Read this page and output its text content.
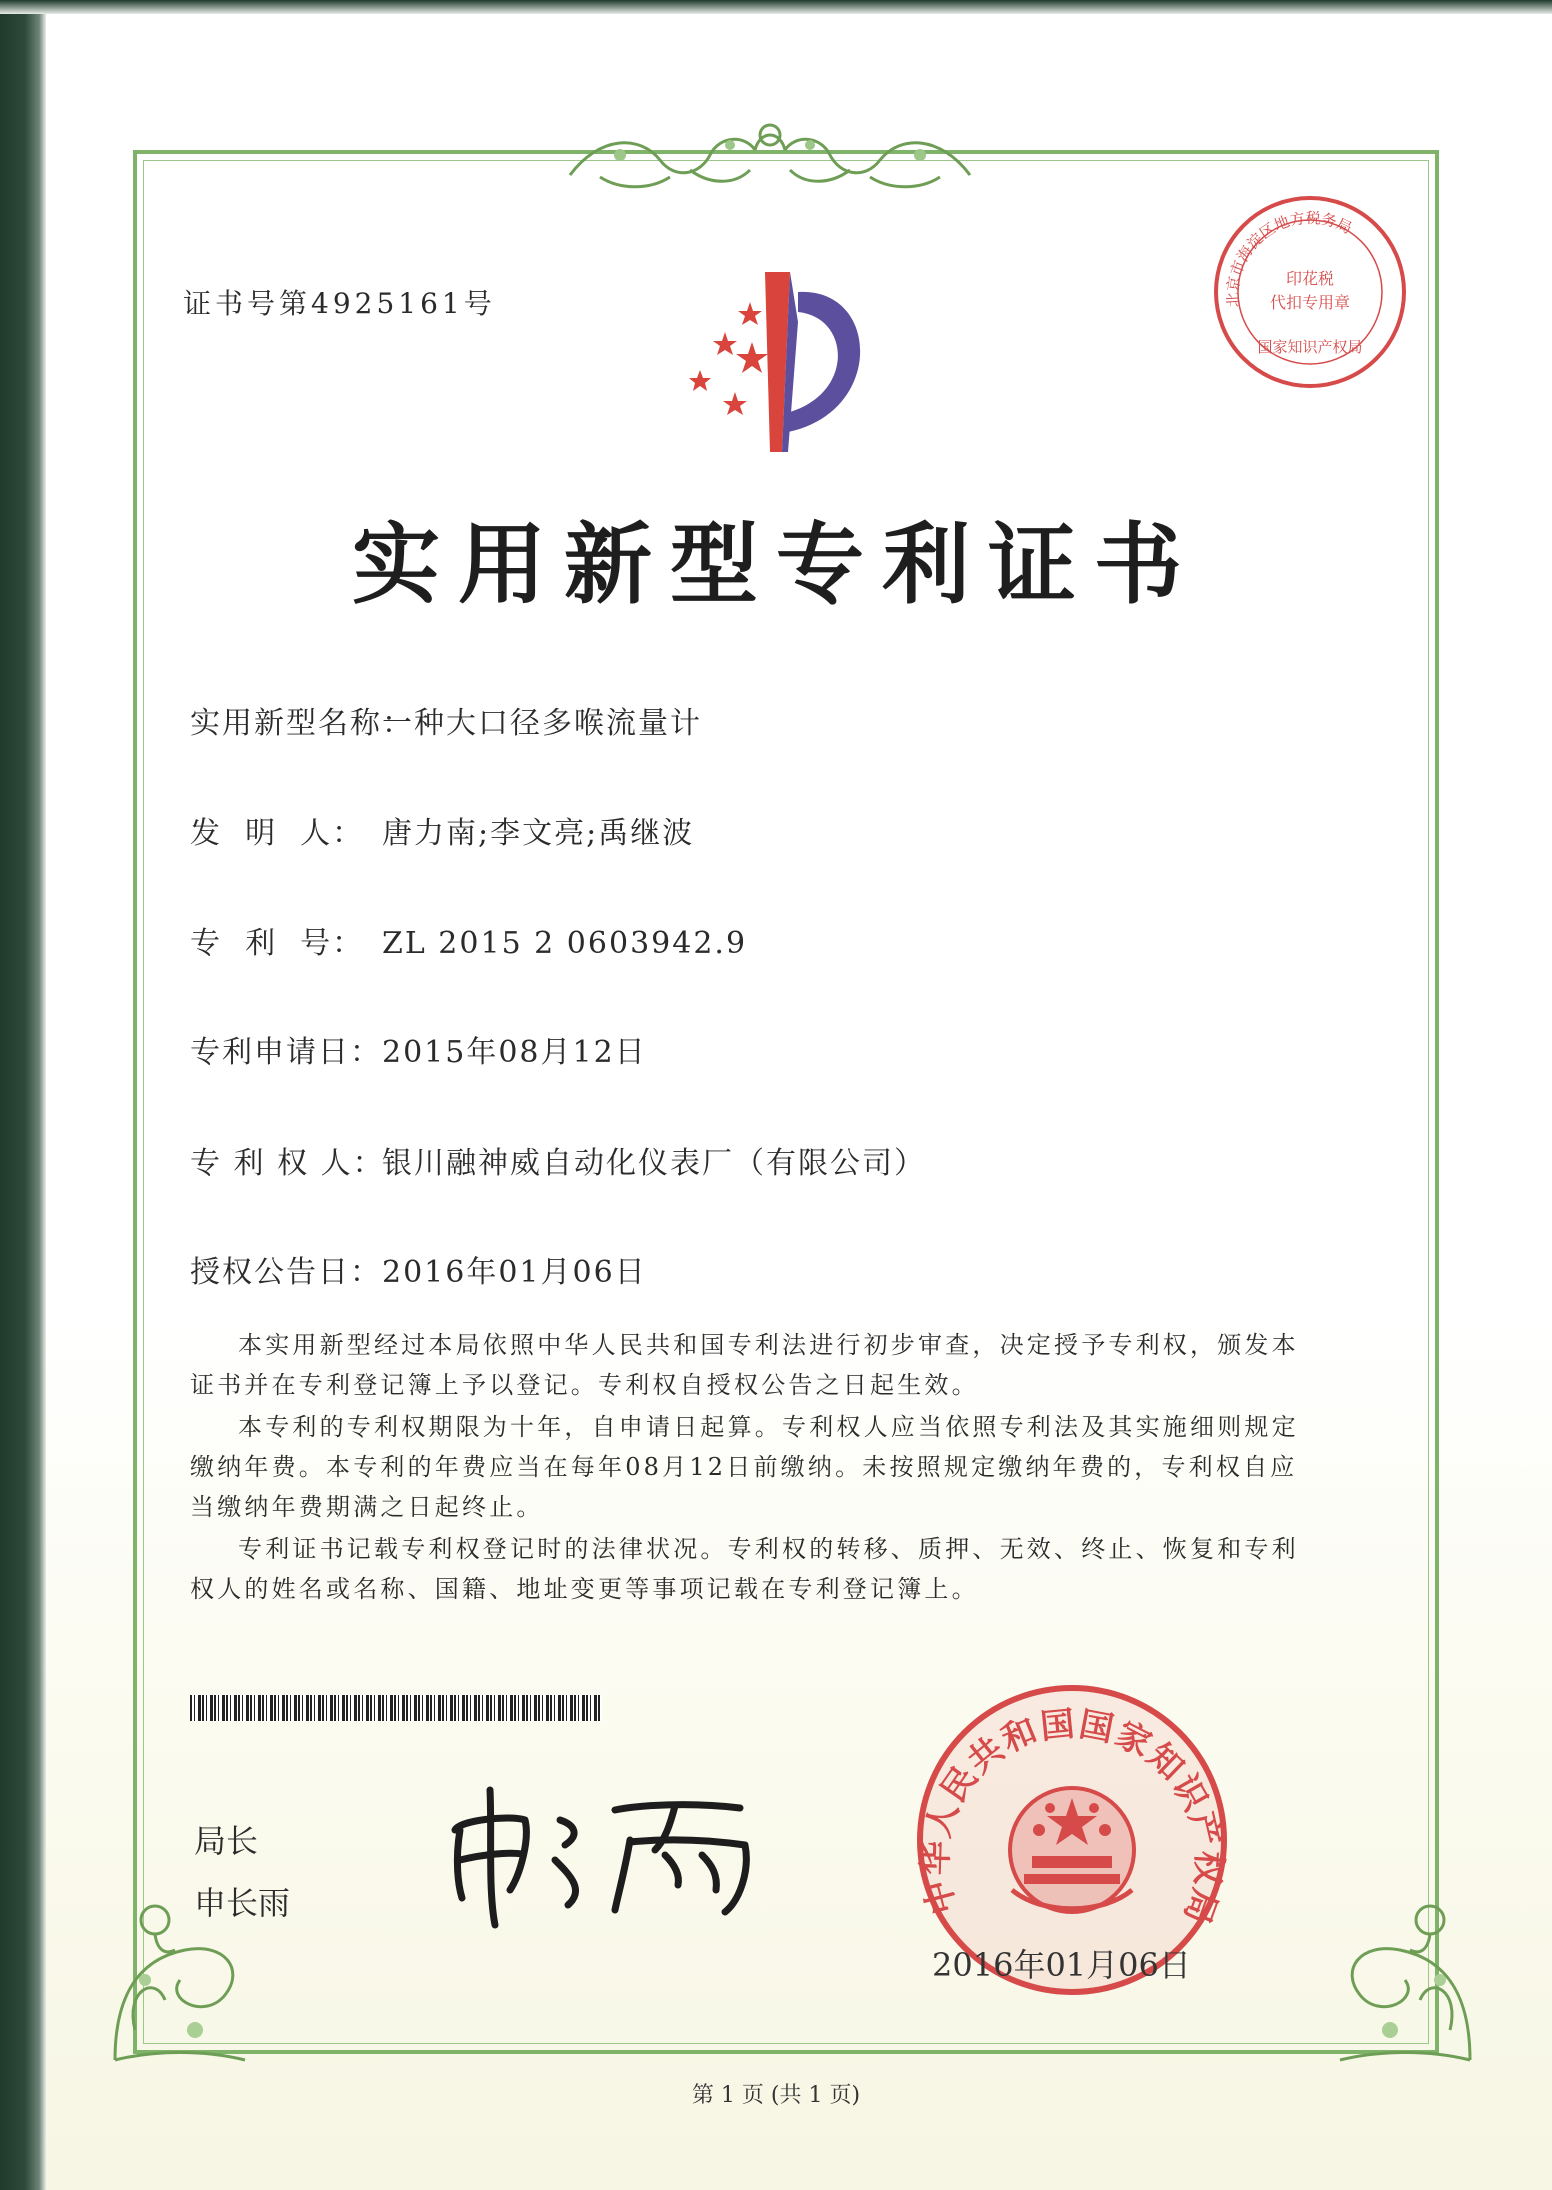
证书号第4925161号	北京市海淀区地方税务局
印花税
代扣专用章
国家知识产权局
实用新型专利证书
实用新型名称：一种大口径多喉流量计
发  明  人： 唐力南;李文亮;禹继波
专  利  号： ZL 2015 2 0603942.9
专利申请日：2015年08月12日
专 利 权 人：银川融神威自动化仪表厂（有限公司）
授权公告日：2016年01月06日

本实用新型经过本局依照中华人民共和国专利法进行初步审查，决定授予专利权，颁发本证书并在专利登记簿上予以登记。专利权自授权公告之日起生效。

本专利的专利权期限为十年，自申请日起算。专利权人应当依照专利法及其实施细则规定缴纳年费。本专利的年费应当在每年08月12日前缴纳。未按照规定缴纳年费的，专利权自应当缴纳年费期满之日起终止。

专利证书记载专利权登记时的法律状况。专利权的转移、质押、无效、终止、恢复和专利权人的姓名或名称、国籍、地址变更等事项记载在专利登记簿上。

局长
申长雨	中华人民共和国国家知识产权局
2016年01月06日
第 1 页 (共 1 页)
